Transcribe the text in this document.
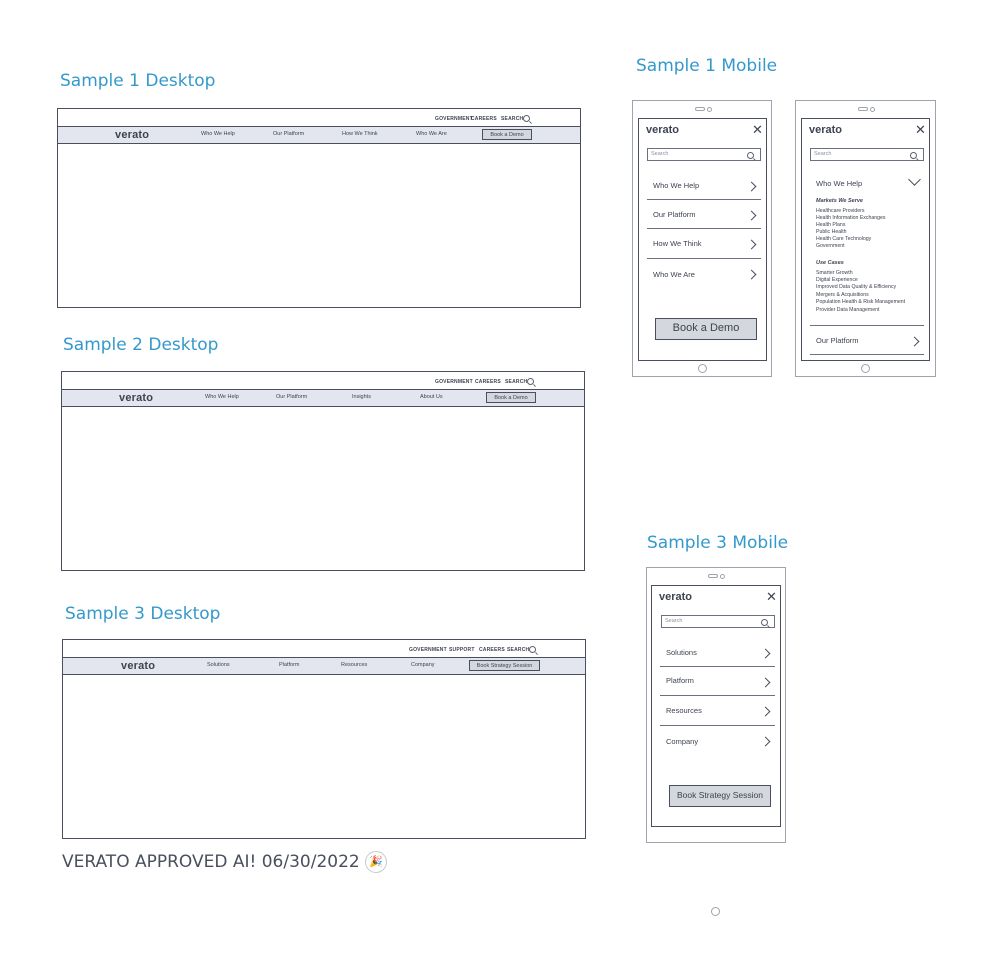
Sample 1 Desktop
Sample 1 Mobile
Sample 2 Desktop
Sample 3 Desktop
Sample 3 Mobile
GOVERNMENT
CAREERS SEARCH
verato	Who We Help	Our Platform	How We Think	Who We Are	Book a Demo
GOVERNMENT CAREERS SEARCH
verato	Who We Help	Our Platform	Insights	About Us	Book a Demo
GOVERNMENT SUPPORT CAREERS SEARCH
verato	Solutions	Platform	Resources	Company	Book Strategy Session
verato	✕
Search
Who We Help
Our Platform
How We Think
Who We Are
Book a Demo
verato	✕
Search
Who We Help
Markets We Serve
Healthcare Providers
Health Information Exchanges
Health Plans
Public Health
Health Care Technology
Government
Use Cases
Smarter Growth
Digital Experience
Improved Data Quality & Efficiency
Mergers & Acquisitions
Population Health & Risk Management
Provider Data Management
Our Platform
verato	✕
Search
Solutions
Platform
Resources
Company
Book Strategy Session
VERATO APPROVED AI! 06/30/2022 🎉
